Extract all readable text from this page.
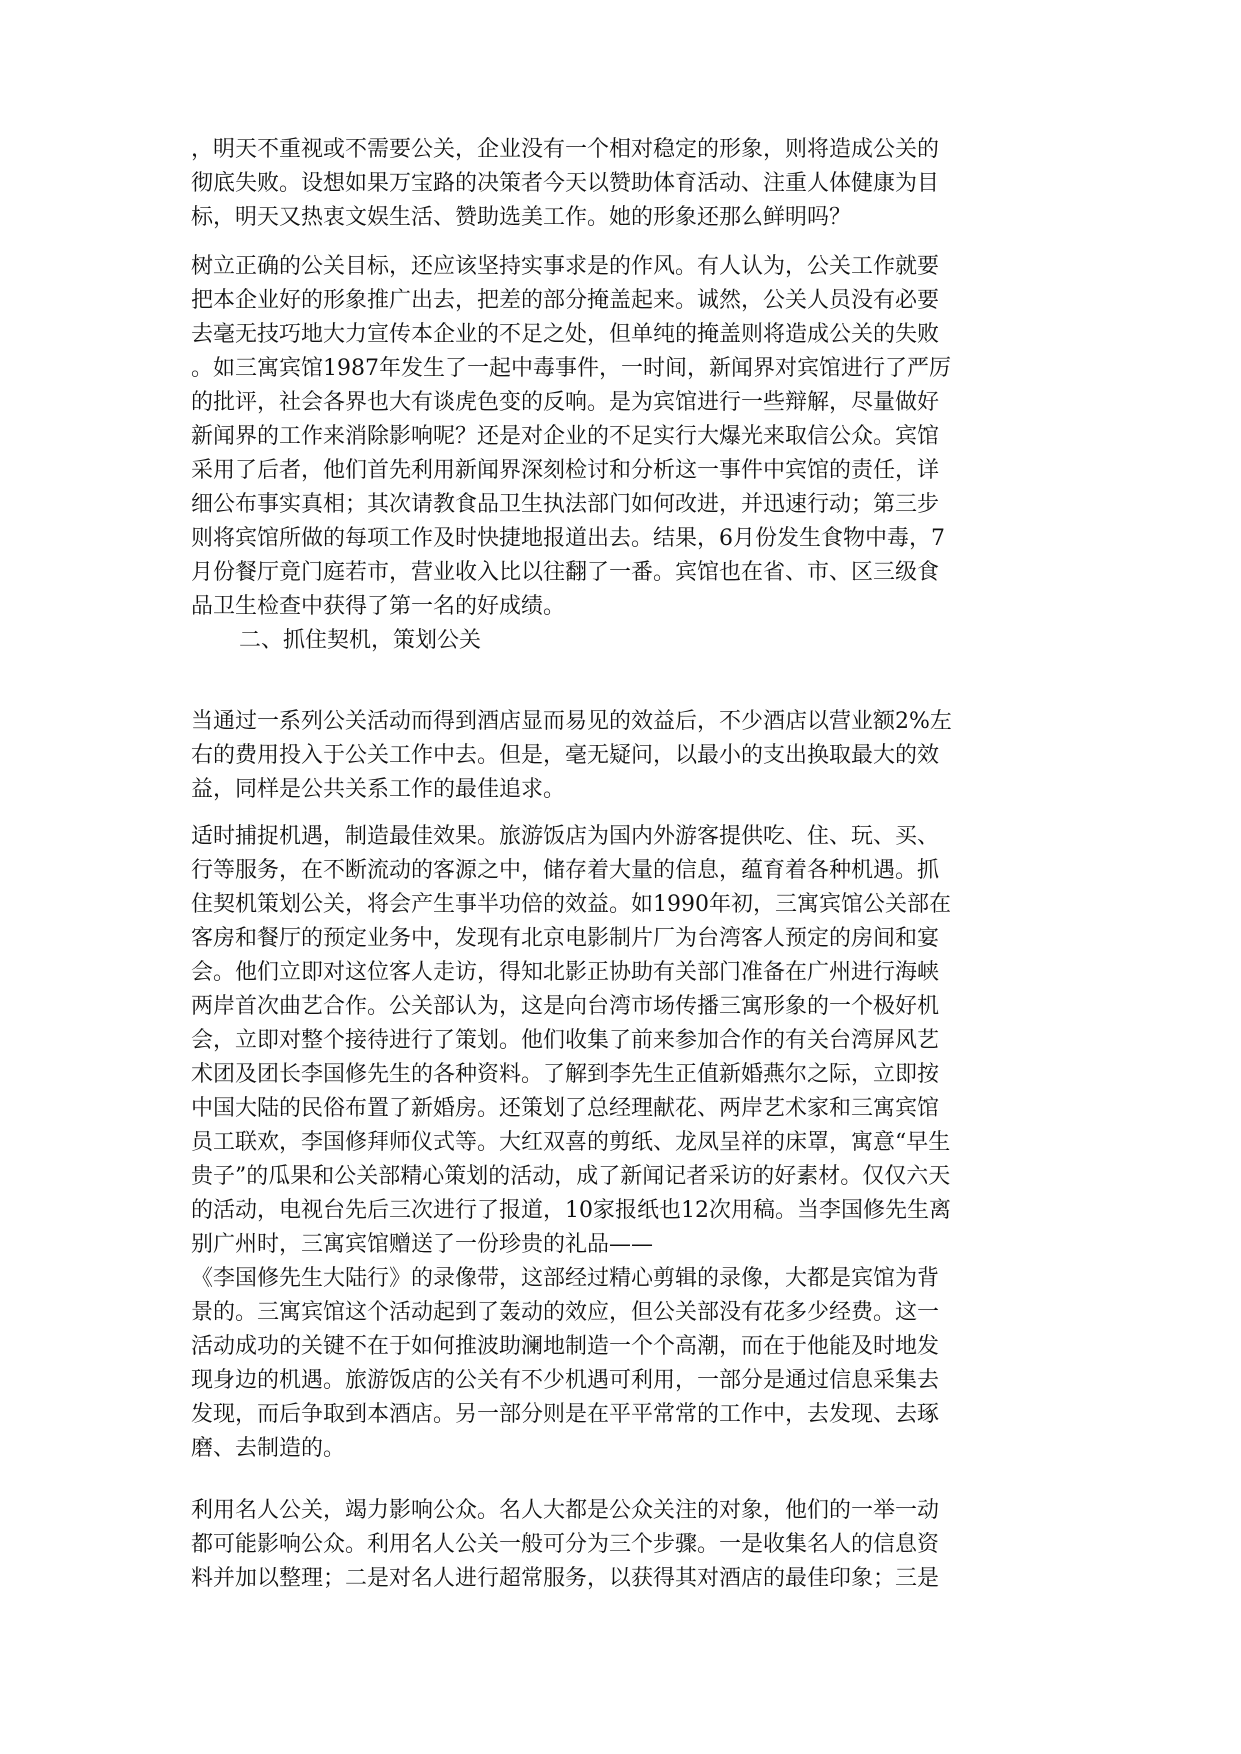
，明天不重视或不需要公关，企业没有一个相对稳定的形象，则将造成公关的
彻底失败。设想如果万宝路的决策者今天以赞助体育活动、注重人体健康为目
标，明天又热衷文娱生活、赞助选美工作。她的形象还那么鲜明吗？
树立正确的公关目标，还应该坚持实事求是的作风。有人认为，公关工作就要
把本企业好的形象推广出去，把差的部分掩盖起来。诚然，公关人员没有必要
去毫无技巧地大力宣传本企业的不足之处，但单纯的掩盖则将造成公关的失败
。如三寓宾馆1987年发生了一起中毒事件，一时间，新闻界对宾馆进行了严厉
的批评，社会各界也大有谈虎色变的反响。是为宾馆进行一些辩解，尽量做好
新闻界的工作来消除影响呢？还是对企业的不足实行大爆光来取信公众。宾馆
采用了后者，他们首先利用新闻界深刻检讨和分析这一事件中宾馆的责任，详
细公布事实真相；其次请教食品卫生执法部门如何改进，并迅速行动；第三步
则将宾馆所做的每项工作及时快捷地报道出去。结果，6月份发生食物中毒，7
月份餐厅竟门庭若市，营业收入比以往翻了一番。宾馆也在省、市、区三级食
品卫生检查中获得了第一名的好成绩。
二、抓住契机，策划公关
当通过一系列公关活动而得到酒店显而易见的效益后，不少酒店以营业额2%左
右的费用投入于公关工作中去。但是，毫无疑问，以最小的支出换取最大的效
益，同样是公共关系工作的最佳追求。
适时捕捉机遇，制造最佳效果。旅游饭店为国内外游客提供吃、住、玩、买、
行等服务，在不断流动的客源之中，储存着大量的信息，蕴育着各种机遇。抓
住契机策划公关，将会产生事半功倍的效益。如1990年初，三寓宾馆公关部在
客房和餐厅的预定业务中，发现有北京电影制片厂为台湾客人预定的房间和宴
会。他们立即对这位客人走访，得知北影正协助有关部门准备在广州进行海峡
两岸首次曲艺合作。公关部认为，这是向台湾市场传播三寓形象的一个极好机
会，立即对整个接待进行了策划。他们收集了前来参加合作的有关台湾屏风艺
术团及团长李国修先生的各种资料。了解到李先生正值新婚燕尔之际，立即按
中国大陆的民俗布置了新婚房。还策划了总经理献花、两岸艺术家和三寓宾馆
员工联欢，李国修拜师仪式等。大红双喜的剪纸、龙凤呈祥的床罩，寓意“早生
贵子”的瓜果和公关部精心策划的活动，成了新闻记者采访的好素材。仅仅六天
的活动，电视台先后三次进行了报道，10家报纸也12次用稿。当李国修先生离
别广州时，三寓宾馆赠送了一份珍贵的礼品——
《李国修先生大陆行》的录像带，这部经过精心剪辑的录像，大都是宾馆为背
景的。三寓宾馆这个活动起到了轰动的效应，但公关部没有花多少经费。这一
活动成功的关键不在于如何推波助澜地制造一个个高潮，而在于他能及时地发
现身边的机遇。旅游饭店的公关有不少机遇可利用，一部分是通过信息采集去
发现，而后争取到本酒店。另一部分则是在平平常常的工作中，去发现、去琢
磨、去制造的。
利用名人公关，竭力影响公众。名人大都是公众关注的对象，他们的一举一动
都可能影响公众。利用名人公关一般可分为三个步骤。一是收集名人的信息资
料并加以整理；二是对名人进行超常服务，以获得其对酒店的最佳印象；三是
